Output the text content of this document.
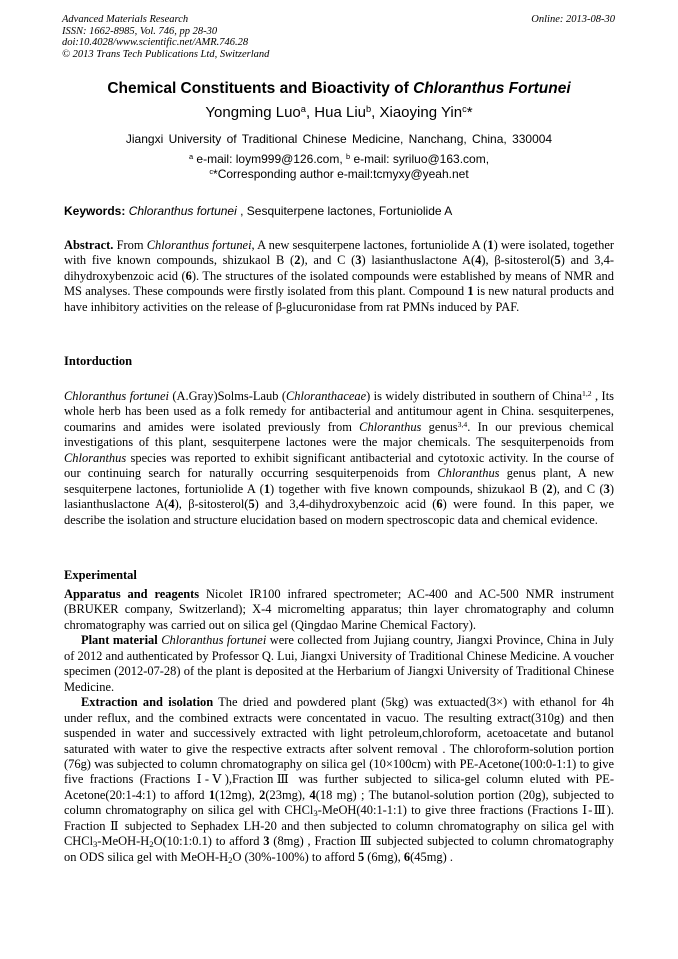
Advanced Materials Research
ISSN: 1662-8985, Vol. 746, pp 28-30
doi:10.4028/www.scientific.net/AMR.746.28
© 2013 Trans Tech Publications Ltd, Switzerland
Online: 2013-08-30
Chemical Constituents and Bioactivity of Chloranthus Fortunei
Yongming Luo$^a$, Hua Liu$^b$, Xiaoying Yin$^c$*
Jiangxi University of Traditional Chinese Medicine, Nanchang, China, 330004
$^a$ e-mail: loym999@126.com, $^b$ e-mail: syriluo@163.com,
$^c$*Corresponding author e-mail:tcmyxy@yeah.net
Keywords: Chloranthus fortunei , Sesquiterpene lactones, Fortuniolide A

Abstract. From Chloranthus fortunei, A new sesquiterpene lactones, fortuniolide A (1) were isolated, together with five known compounds, shizukaol B (2), and C (3) lasianthuslactone A(4), β-sitosterol(5) and 3,4-dihydroxybenzoic acid (6). The structures of the isolated compounds were established by means of NMR and MS analyses. These compounds were firstly isolated from this plant. Compound 1 is new natural products and have inhibitory activities on the release of β-glucuronidase from rat PMNs induced by PAF.

Intorduction

Chloranthus fortunei (A.Gray)Solms-Laub (Chloranthaceae) is widely distributed in southern of China$^{1,2}$ , Its whole herb has been used as a folk remedy for antibacterial and antitumour agent in China. sesquiterpenes, coumarins and amides were isolated previously from Chloranthus genus$^{3,4}$. In our previous chemical investigations of this plant, sesquiterpene lactones were the major chemicals. The sesquiterpenoids from Chloranthus species was reported to exhibit significant antibacterial and cytotoxic activity. In the course of our continuing search for naturally occurring sesquiterpenoids from Chloranthus genus plant, A new sesquiterpene lactones, fortuniolide A (1) together with five known compounds, shizukaol B (2), and C (3) lasianthuslactone A(4), β-sitosterol(5) and 3,4-dihydroxybenzoic acid (6) were found. In this paper, we describe the isolation and structure elucidation based on modern spectroscopic data and chemical evidence.

Experimental

Apparatus and reagents Nicolet IR100 infrared spectrometer; AC-400 and AC-500 NMR instrument (BRUKER company, Switzerland); X-4 micromelting apparatus; thin layer chromatography and column chromatography was carried out on silica gel (Qingdao Marine Chemical Factory).

Plant material Chloranthus fortunei were collected from Jujiang country, Jiangxi Province, China in July of 2012 and authenticated by Professor Q. Lui, Jiangxi University of Traditional Chinese Medicine. A voucher specimen (2012-07-28) of the plant is deposited at the Herbarium of Jiangxi University of Traditional Chinese Medicine.

Extraction and isolation The dried and powdered plant (5kg) was extuacted(3×) with ethanol for 4h under reflux, and the combined extracts were concentated in vacuo. The resulting extract(310g) and then suspended in water and successively extracted with light petroleum,chloroform, acetoacetate and butanol saturated with water to give the respective extracts after solvent removal . The chloroform-solution portion (76g) was subjected to column chromatography on silica gel (10×100cm) with PE-Acetone(100:0-1:1) to give five fractions (Fractions Ⅰ-Ⅴ),FractionⅢ was further subjected to silica-gel column eluted with PE-Acetone(20:1-4:1) to afford 1(12mg), 2(23mg), 4(18 mg) ; The butanol-solution portion (20g), subjected to column chromatography on silica gel with CHCl$_3$-MeOH(40:1-1:1) to give three fractions (Fractions Ⅰ-Ⅲ). Fraction Ⅱ subjected to Sephadex LH-20 and then subjected to column chromatography on silica gel with $CHCl_3-MeOH-H_2O(10:1:0.1)$ to afford 3 (8mg) , Fraction Ⅲ subjected subjected to column chromatography on ODS silica gel with MeOH-$H_2O$ (30%-100%) to afford 5 (6mg), 6(45mg) .
